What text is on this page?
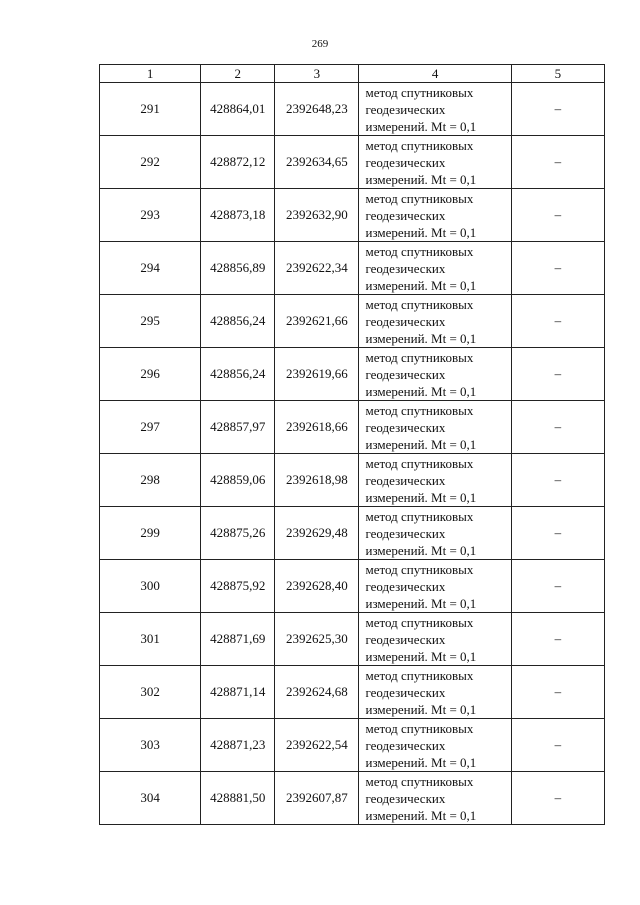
269
1	2	3	4	5
291	428864,01	2392648,23	метод спутниковых
геодезических
измерений. Mt = 0,1	–
292	428872,12	2392634,65	метод спутниковых
геодезических
измерений. Mt = 0,1	–
293	428873,18	2392632,90	метод спутниковых
геодезических
измерений. Mt = 0,1	–
294	428856,89	2392622,34	метод спутниковых
геодезических
измерений. Mt = 0,1	–
295	428856,24	2392621,66	метод спутниковых
геодезических
измерений. Mt = 0,1	–
296	428856,24	2392619,66	метод спутниковых
геодезических
измерений. Mt = 0,1	–
297	428857,97	2392618,66	метод спутниковых
геодезических
измерений. Mt = 0,1	–
298	428859,06	2392618,98	метод спутниковых
геодезических
измерений. Mt = 0,1	–
299	428875,26	2392629,48	метод спутниковых
геодезических
измерений. Mt = 0,1	–
300	428875,92	2392628,40	метод спутниковых
геодезических
измерений. Mt = 0,1	–
301	428871,69	2392625,30	метод спутниковых
геодезических
измерений. Mt = 0,1	–
302	428871,14	2392624,68	метод спутниковых
геодезических
измерений. Mt = 0,1	–
303	428871,23	2392622,54	метод спутниковых
геодезических
измерений. Mt = 0,1	–
304	428881,50	2392607,87	метод спутниковых
геодезических
измерений. Mt = 0,1	–
